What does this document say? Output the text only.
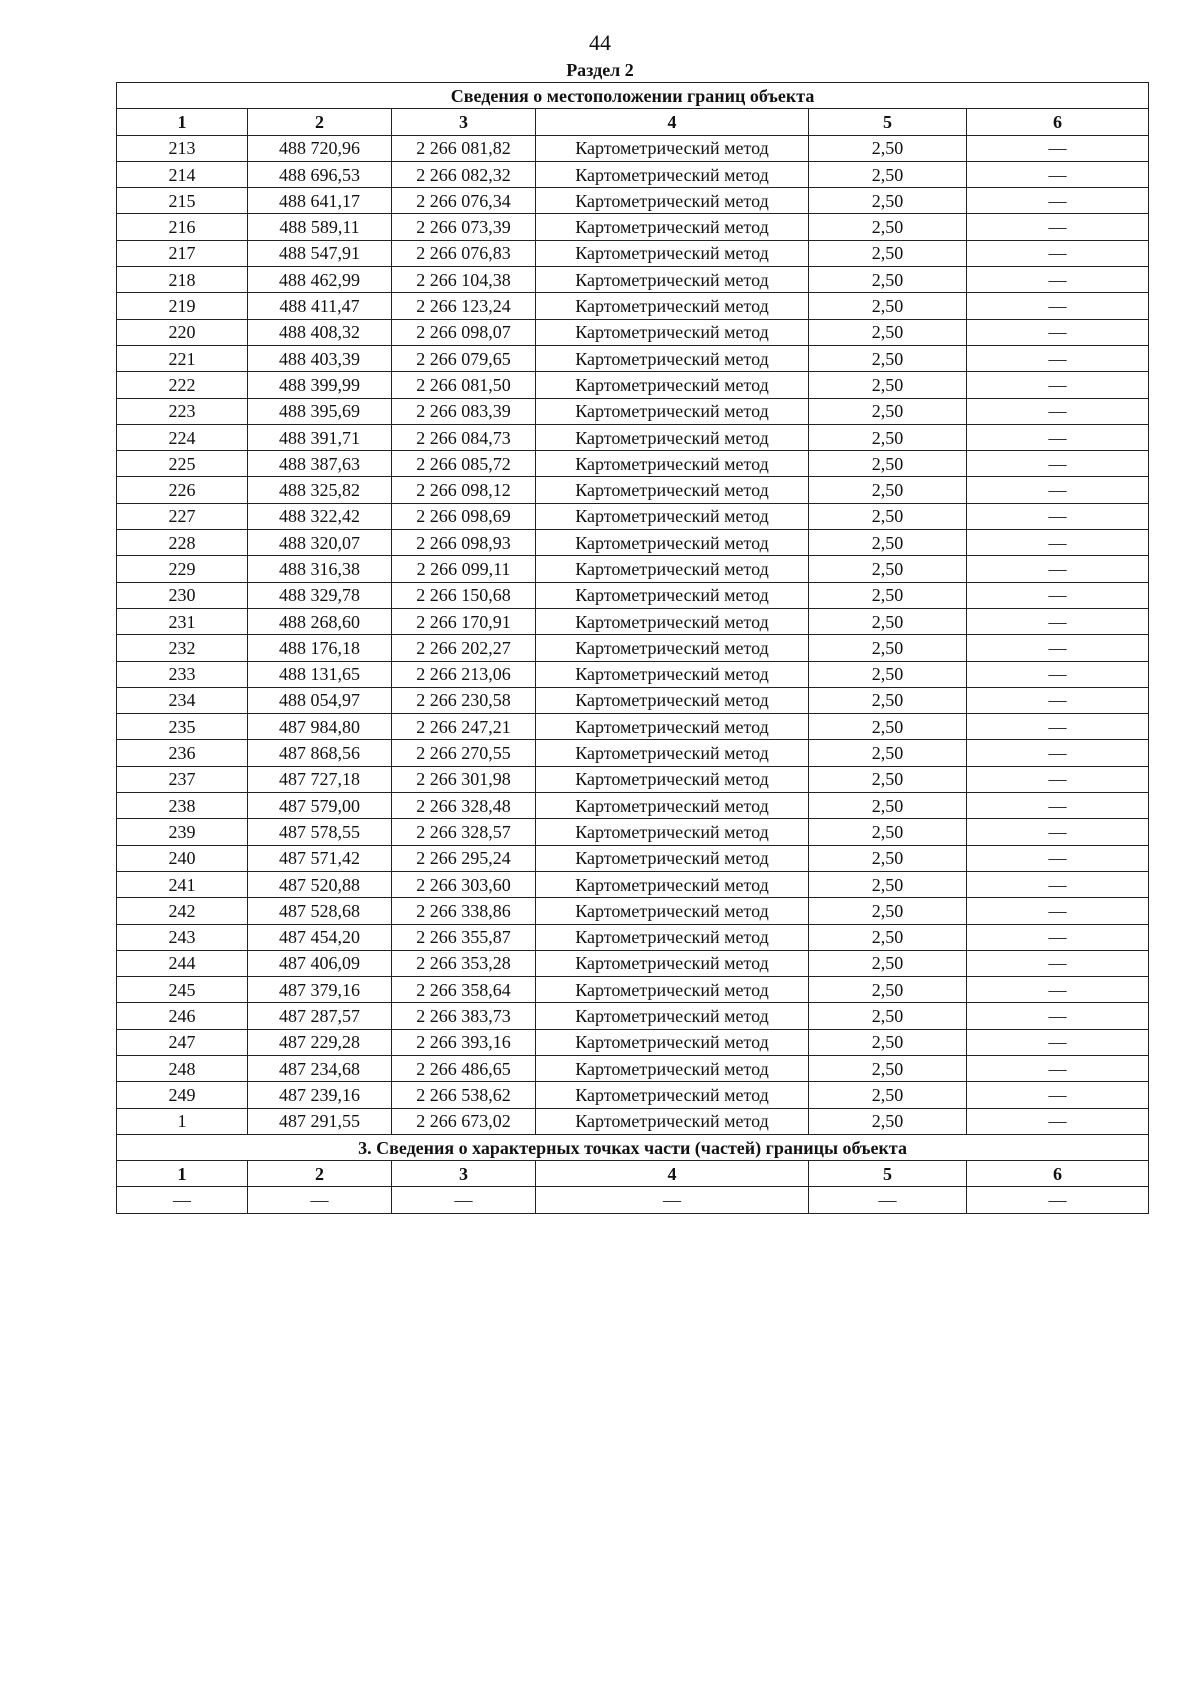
44
Раздел 2
Сведения о местоположении границ объекта					
1	2	3	4	5	6
213	488 720,96	2 266 081,82	Картометрический метод	2,50	—
214	488 696,53	2 266 082,32	Картометрический метод	2,50	—
215	488 641,17	2 266 076,34	Картометрический метод	2,50	—
216	488 589,11	2 266 073,39	Картометрический метод	2,50	—
217	488 547,91	2 266 076,83	Картометрический метод	2,50	—
218	488 462,99	2 266 104,38	Картометрический метод	2,50	—
219	488 411,47	2 266 123,24	Картометрический метод	2,50	—
220	488 408,32	2 266 098,07	Картометрический метод	2,50	—
221	488 403,39	2 266 079,65	Картометрический метод	2,50	—
222	488 399,99	2 266 081,50	Картометрический метод	2,50	—
223	488 395,69	2 266 083,39	Картометрический метод	2,50	—
224	488 391,71	2 266 084,73	Картометрический метод	2,50	—
225	488 387,63	2 266 085,72	Картометрический метод	2,50	—
226	488 325,82	2 266 098,12	Картометрический метод	2,50	—
227	488 322,42	2 266 098,69	Картометрический метод	2,50	—
228	488 320,07	2 266 098,93	Картометрический метод	2,50	—
229	488 316,38	2 266 099,11	Картометрический метод	2,50	—
230	488 329,78	2 266 150,68	Картометрический метод	2,50	—
231	488 268,60	2 266 170,91	Картометрический метод	2,50	—
232	488 176,18	2 266 202,27	Картометрический метод	2,50	—
233	488 131,65	2 266 213,06	Картометрический метод	2,50	—
234	488 054,97	2 266 230,58	Картометрический метод	2,50	—
235	487 984,80	2 266 247,21	Картометрический метод	2,50	—
236	487 868,56	2 266 270,55	Картометрический метод	2,50	—
237	487 727,18	2 266 301,98	Картометрический метод	2,50	—
238	487 579,00	2 266 328,48	Картометрический метод	2,50	—
239	487 578,55	2 266 328,57	Картометрический метод	2,50	—
240	487 571,42	2 266 295,24	Картометрический метод	2,50	—
241	487 520,88	2 266 303,60	Картометрический метод	2,50	—
242	487 528,68	2 266 338,86	Картометрический метод	2,50	—
243	487 454,20	2 266 355,87	Картометрический метод	2,50	—
244	487 406,09	2 266 353,28	Картометрический метод	2,50	—
245	487 379,16	2 266 358,64	Картометрический метод	2,50	—
246	487 287,57	2 266 383,73	Картометрический метод	2,50	—
247	487 229,28	2 266 393,16	Картометрический метод	2,50	—
248	487 234,68	2 266 486,65	Картометрический метод	2,50	—
249	487 239,16	2 266 538,62	Картометрический метод	2,50	—
1	487 291,55	2 266 673,02	Картометрический метод	2,50	—
3. Сведения о характерных точках части (частей) границы объекта					
1	2	3	4	5	6
—	—	—	—	—	—
